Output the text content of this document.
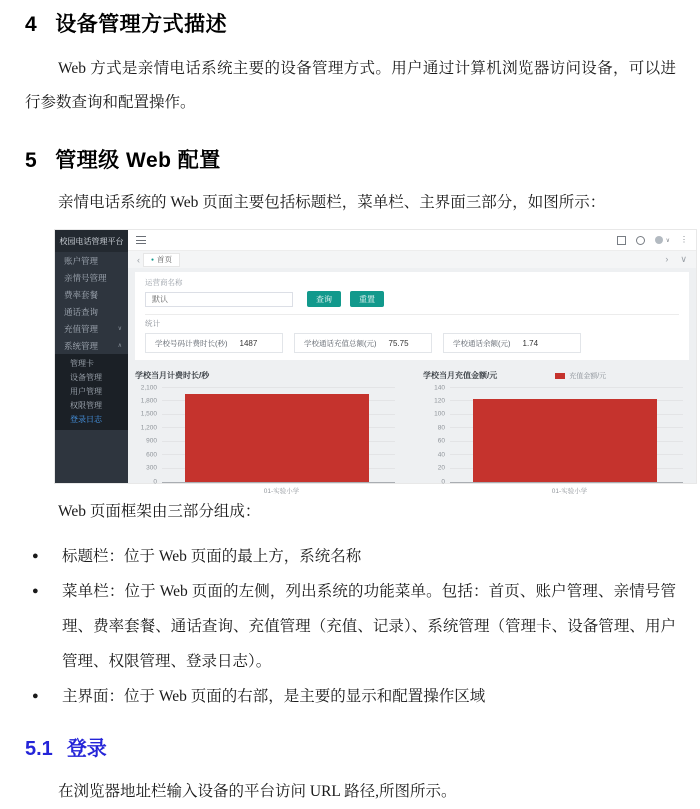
4 设备管理方式描述

Web 方式是亲情电话系统主要的设备管理方式。用户通过计算机浏览器访问设备，可以进行参数查询和配置操作。

5 管理级 Web 配置

亲情电话系统的 Web 页面主要包括标题栏，菜单栏、主界面三部分，如图所示：

校园电话管理平台
账户管理
亲情号管理
费率套餐
通话查询
充值管理	∨
系统管理	∧
管理卡
设备管理
用户管理
权限管理
登录日志
∨ ⋮
‹	● 首页	›	∨
运营商名称
默认
查询	重置
统计
学校号码计费时长(秒) 1487	学校通话充值总额(元) 75.75	学校通话余额(元) 1.74
学校当月计费时长/秒
0
300
600
900
1,200
1,500
1,800
2,100
01-实验小学
学校当月充值金额/元	充值金额/元
0
20
40
60
80
100
120
140
01-实验小学

Web 页面框架由三部分组成：

●	标题栏：位于 Web 页面的最上方，系统名称
●	菜单栏：位于 Web 页面的左侧，列出系统的功能菜单。包括：首页、账户管理、亲情号管理、费率套餐、通话查询、充值管理（充值、记录）、系统管理（管理卡、设备管理、用户管理、权限管理、登录日志）。
●	主界面：位于 Web 页面的右部，是主要的显示和配置操作区域
5.1 登录

在浏览器地址栏输入设备的平台访问 URL 路径,所图所示。
